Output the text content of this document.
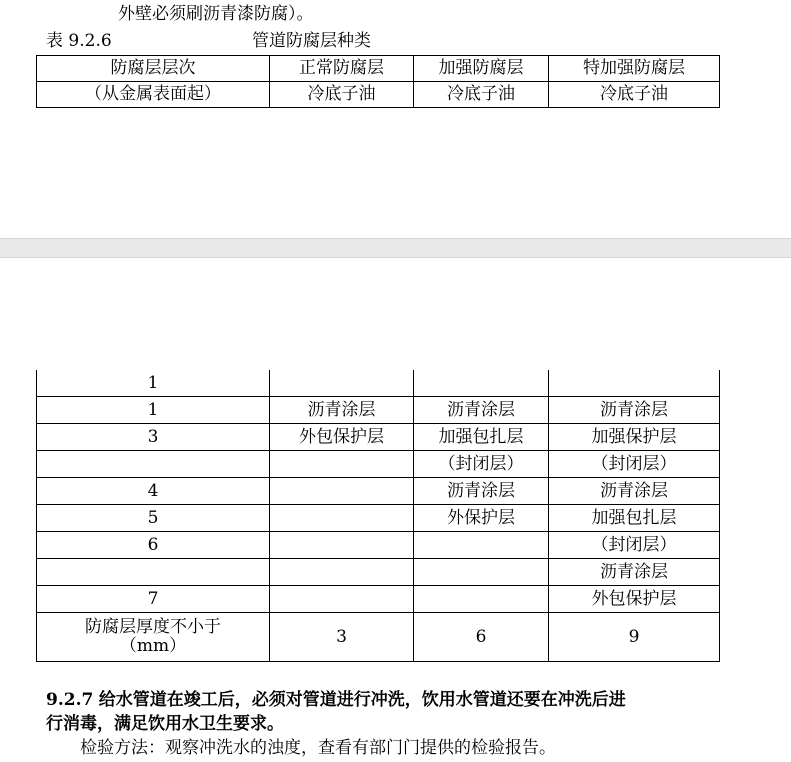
外壁必须刷沥青漆防腐）。
表 9.2.6	管道防腐层种类
防腐层层次	正常防腐层	加强防腐层	特加强防腐层
（从金属表面起）	冷底子油	冷底子油	冷底子油
1			
1	沥青涂层	沥青涂层	沥青涂层
3	外包保护层	加强包扎层	加强保护层
		（封闭层）	（封闭层）
4		沥青涂层	沥青涂层
5		外保护层	加强包扎层
6			（封闭层）
			沥青涂层
7			外包保护层

防腐层厚度不小于
（mm）	3	6	9
9.2.7 给水管道在竣工后，必须对管道进行冲洗，饮用水管道还要在冲洗后进
行消毒，满足饮用水卫生要求。
检验方法：观察冲洗水的浊度，查看有部门门提供的检验报告。
